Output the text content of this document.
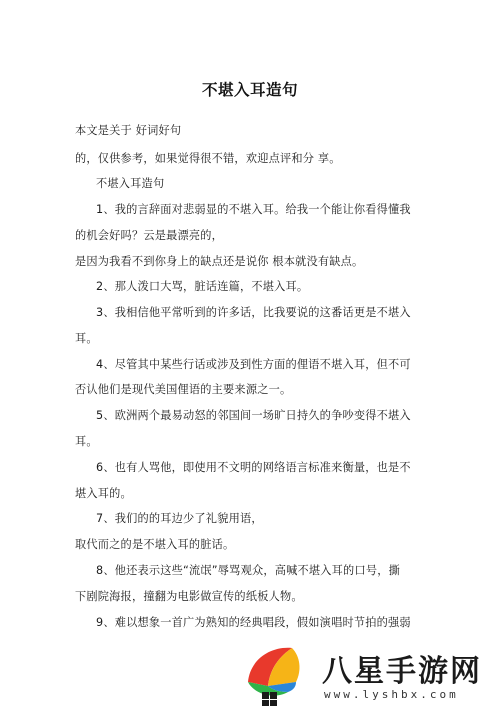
不堪入耳造句
本文是关于 好词好句
的，仅供参考，如果觉得很不错，欢迎点评和分 享。
不堪入耳造句
1、我的言辞面对悲弱显的不堪入耳。给我一个能让你看得懂我
的机会好吗？云是最漂亮的，
是因为我看不到你身上的缺点还是说你 根本就没有缺点。
2、那人泼口大骂，脏话连篇，不堪入耳。
3、我相信他平常听到的许多话，比我要说的这番话更是不堪入
耳。
4、尽管其中某些行话或涉及到性方面的俚语不堪入耳，但不可
否认他们是现代美国俚语的主要来源之一。
5、欧洲两个最易动怒的邻国间一场旷日持久的争吵变得不堪入
耳。
6、也有人骂他，即使用不文明的网络语言标准来衡量，也是不
堪入耳的。
7、我们的的耳边少了礼貌用语，
取代而之的是不堪入耳的脏话。
8、他还表示这些“流氓”辱骂观众，高喊不堪入耳的口号，撕
下剧院海报，撞翻为电影做宣传的纸板人物。
9、难以想象一首广为熟知的经典唱段，假如演唱时节拍的强弱
八星手游网
www.lyshbx.com
